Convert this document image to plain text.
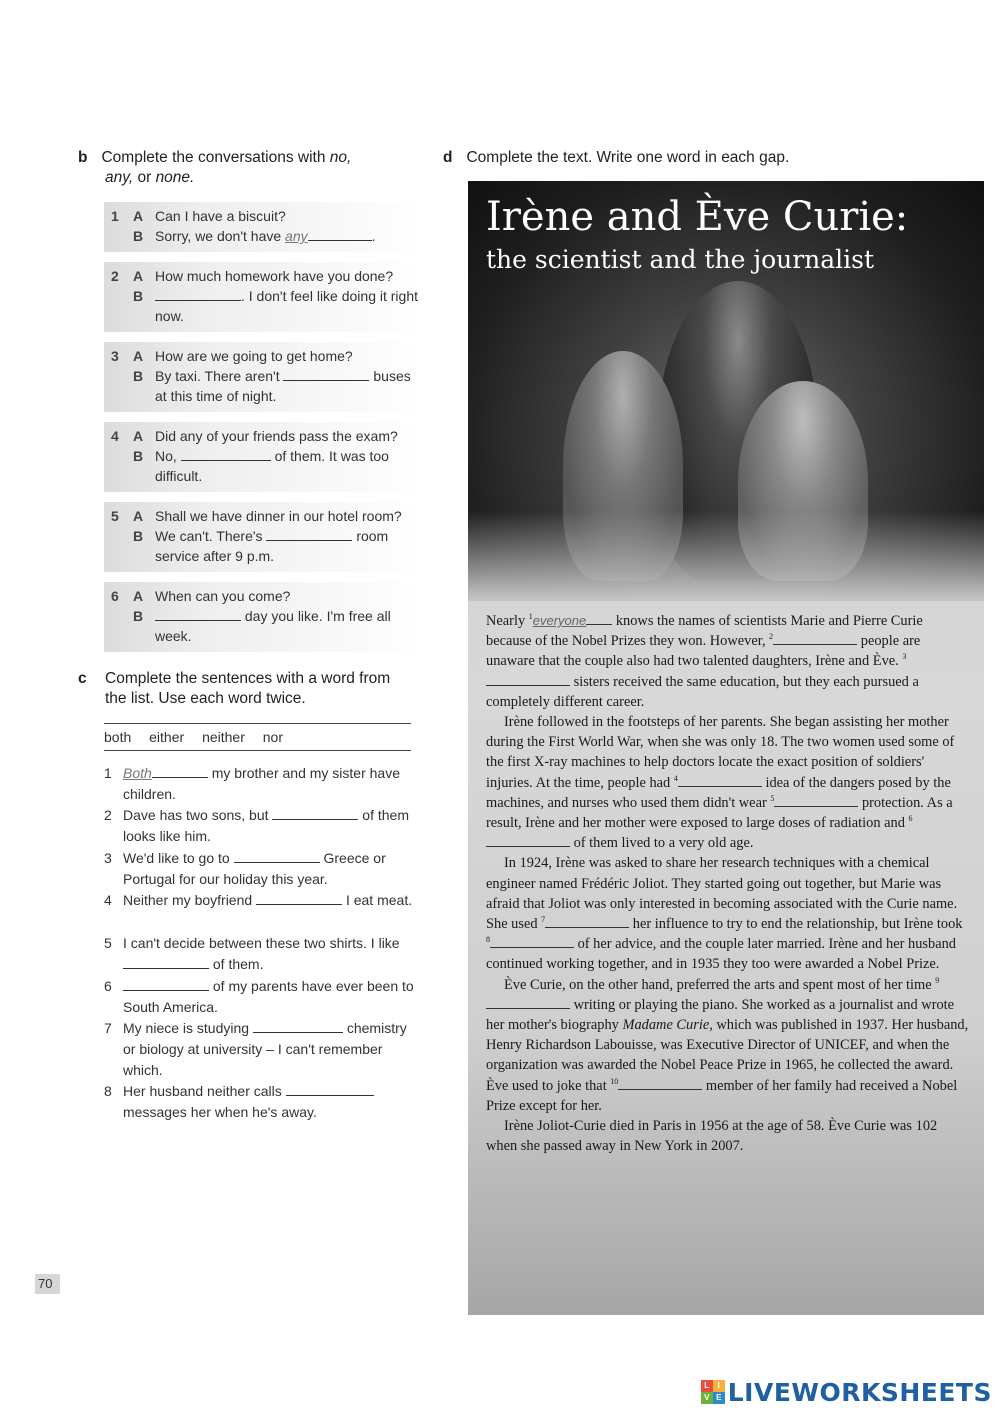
b Complete the conversations with no,
any, or none.
1 A Can I have a biscuit?
B Sorry, we don't have any	.
2 A How much homework have you done?
B	. I don't feel like doing it right now.
3 A How are we going to get home?
B By taxi. There aren't	buses at this time of night.
4 A Did any of your friends pass the exam?
B No,	of them. It was too difficult.
5 A Shall we have dinner in our hotel room?
B We can't. There's	room service after 9 p.m.
6 A When can you come?
B	day you like. I'm free all week.
c	Complete the sentences with a word from the list. Use each word twice.
both either neither nor
1 Both	my brother and my sister have children.
2 Dave has two sons, but	of them looks like him.
3 We'd like to go to	Greece or Portugal for our holiday this year.
4 Neither my boyfriend	I eat meat.
5 I can't decide between these two shirts. I like  of them.
6	of my parents have ever been to South America.
7 My niece is studying	chemistry or biology at university – I can't remember which.
8 Her husband neither calls  messages her when he's away.
d Complete the text. Write one word in each gap.
Irène and Ève Curie:
the scientist and the journalist

Nearly $^1$everyone knows the names of scientists Marie and Pierre Curie because of the Nobel Prizes they won. However, $^2$	people are unaware that the couple also had two talented daughters, Irène and Ève. $^3$ sisters received the same education, but they each pursued a completely different career.

Irène followed in the footsteps of her parents. She began assisting her mother during the First World War, when she was only 18. The two women used some of the first X-ray machines to help doctors locate the exact position of soldiers' injuries. At the time, people had $^4$	idea of the dangers posed by the machines, and nurses who used them didn't wear $^5$	protection. As a result, Irène and her mother were exposed to large doses of radiation and $^6$ of them lived to a very old age.

In 1924, Irène was asked to share her research techniques with a chemical engineer named Frédéric Joliot. They started going out together, but Marie was afraid that Joliot was only interested in becoming associated with the Curie name. She used $^7$	her influence to try to end the relationship, but Irène took $^8$	of her advice, and the couple later married. Irène and her husband continued working together, and in 1935 they too were awarded a Nobel Prize.

Ève Curie, on the other hand, preferred the arts and spent most of her time $^9$ writing or playing the piano. She worked as a journalist and wrote her mother's biography Madame Curie, which was published in 1937. Her husband, Henry Richardson Labouisse, was Executive Director of UNICEF, and when the organization was awarded the Nobel Peace Prize in 1965, he collected the award. Ève used to joke that $^{10}$	member of her family had received a Nobel Prize except for her.

Irène Joliot-Curie died in Paris in 1956 at the age of 58. Ève Curie was 102 when she passed away in New York in 2007.

70
L	I
V E LIVEWORKSHEETS
